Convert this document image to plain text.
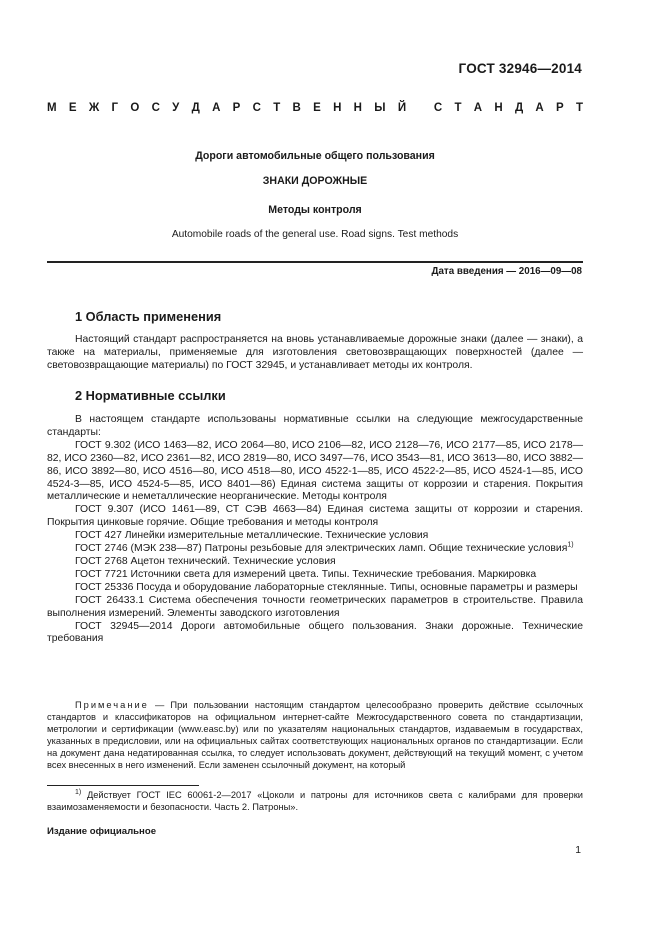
ГОСТ 32946—2014
М Е Ж Г О С У Д А Р С Т В Е Н Н Ы Й
С Т А Н Д А Р Т
Дороги автомобильные общего пользования
ЗНАКИ ДОРОЖНЫЕ
Методы контроля
Automobile roads of the general use. Road signs. Test methods
Дата введения — 2016—09—08
1 Область применения

Настоящий стандарт распространяется на вновь устанавливаемые дорожные знаки (далее — знаки), а также на материалы, применяемые для изготовления световозвращающих поверхностей (далее — световозвращающие материалы) по ГОСТ 32945, и устанавливает методы их контроля.

2 Нормативные ссылки

В настоящем стандарте использованы нормативные ссылки на следующие межгосударственные стандарты:

ГОСТ 9.302 (ИСО 1463—82, ИСО 2064—80, ИСО 2106—82, ИСО 2128—76, ИСО 2177—85, ИСО 2178—82, ИСО 2360—82, ИСО 2361—82, ИСО 2819—80, ИСО 3497—76, ИСО 3543—81, ИСО 3613—80, ИСО 3882—86, ИСО 3892—80, ИСО 4516—80, ИСО 4518—80, ИСО 4522-1—85, ИСО 4522-2—85, ИСО 4524-1—85, ИСО 4524-3—85, ИСО 4524-5—85, ИСО 8401—86) Единая система защиты от коррозии и старения. Покрытия металлические и неметаллические неорганические. Методы контроля

ГОСТ 9.307 (ИСО 1461—89, СТ СЭВ 4663—84) Единая система защиты от коррозии и старения. Покрытия цинковые горячие. Общие требования и методы контроля

ГОСТ 427 Линейки измерительные металлические. Технические условия

ГОСТ 2746 (МЭК 238—87) Патроны резьбовые для электрических ламп. Общие технические условия$^{1)}$

ГОСТ 2768 Ацетон технический. Технические условия

ГОСТ 7721 Источники света для измерений цвета. Типы. Технические требования. Маркировка

ГОСТ 25336 Посуда и оборудование лабораторные стеклянные. Типы, основные параметры и размеры

ГОСТ 26433.1 Система обеспечения точности геометрических параметров в строительстве. Правила выполнения измерений. Элементы заводского изготовления

ГОСТ 32945—2014 Дороги автомобильные общего пользования. Знаки дорожные. Технические требования

Примечание — При пользовании настоящим стандартом целесообразно проверить действие ссылочных стандартов и классификаторов на официальном интернет-сайте Межгосударственного совета по стандартизации, метрологии и сертификации (www.easc.by) или по указателям национальных стандартов, издаваемым в государствах, указанных в предисловии, или на официальных сайтах соответствующих национальных органов по стандартизации. Если на документ дана недатированная ссылка, то следует использовать документ, действующий на текущий момент, с учетом всех внесенных в него изменений. Если заменен ссылочный документ, на который

$^{1)}$ Действует ГОСТ IEC 60061-2—2017 «Цоколи и патроны для источников света с калибрами для проверки взаимозаменяемости и безопасности. Часть 2. Патроны».

Издание официальное
1
